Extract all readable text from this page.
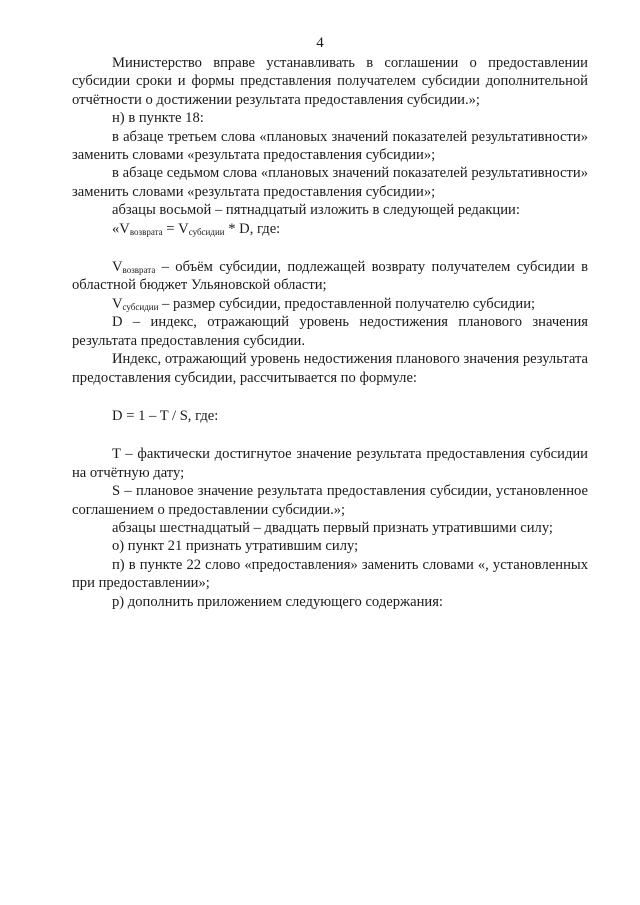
4

Министерство вправе устанавливать в соглашении о предоставлении субсидии сроки и формы представления получателем субсидии дополнительной отчётности о достижении результата предоставления субсидии.»;

н) в пункте 18:

в абзаце третьем слова «плановых значений показателей результативности» заменить словами «результата предоставления субсидии»;

в абзаце седьмом слова «плановых значений показателей результативности» заменить словами «результата предоставления субсидии»;

абзацы восьмой – пятнадцатый изложить в следующей редакции:

«$V_{возврата} = V_{субсидии} * D$, где:

$V_{возврата}$ – объём субсидии, подлежащей возврату получателем субсидии в областной бюджет Ульяновской области;

$V_{субсидии}$ – размер субсидии, предоставленной получателю субсидии;

D – индекс, отражающий уровень недостижения планового значения результата предоставления субсидии.

Индекс, отражающий уровень недостижения планового значения результата предоставления субсидии, рассчитывается по формуле:

D = 1 – T / S, где:

T – фактически достигнутое значение результата предоставления субсидии на отчётную дату;

S – плановое значение результата предоставления субсидии, установленное соглашением о предоставлении субсидии.»;

абзацы шестнадцатый – двадцать первый признать утратившими силу;

о) пункт 21 признать утратившим силу;

п) в пункте 22 слово «предоставления» заменить словами «, установленных при предоставлении»;

р) дополнить приложением следующего содержания:
